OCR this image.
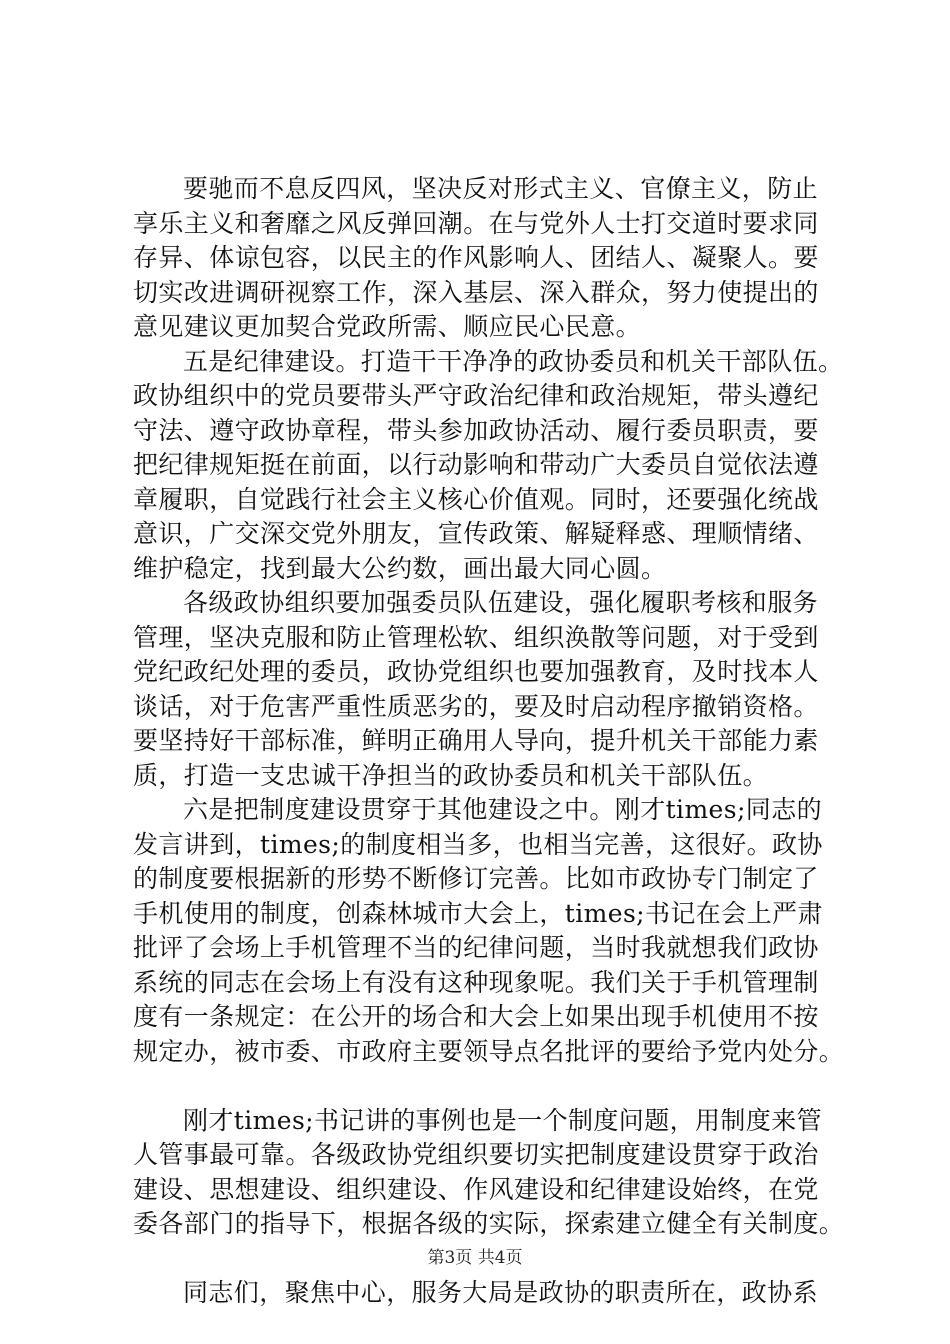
要驰而不息反四风，坚决反对形式主义、官僚主义，防止
享乐主义和奢靡之风反弹回潮。在与党外人士打交道时要求同
存异、体谅包容，以民主的作风影响人、团结人、凝聚人。要
切实改进调研视察工作，深入基层、深入群众，努力使提出的
意见建议更加契合党政所需、顺应民心民意。
五是纪律建设。打造干干净净的政协委员和机关干部队伍。
政协组织中的党员要带头严守政治纪律和政治规矩，带头遵纪
守法、遵守政协章程，带头参加政协活动、履行委员职责，要
把纪律规矩挺在前面，以行动影响和带动广大委员自觉依法遵
章履职，自觉践行社会主义核心价值观。同时，还要强化统战
意识，广交深交党外朋友，宣传政策、解疑释惑、理顺情绪、
维护稳定，找到最大公约数，画出最大同心圆。
各级政协组织要加强委员队伍建设，强化履职考核和服务
管理，坚决克服和防止管理松软、组织涣散等问题，对于受到
党纪政纪处理的委员，政协党组织也要加强教育，及时找本人
谈话，对于危害严重性质恶劣的，要及时启动程序撤销资格。
要坚持好干部标准，鲜明正确用人导向，提升机关干部能力素
质，打造一支忠诚干净担当的政协委员和机关干部队伍。
六是把制度建设贯穿于其他建设之中。刚才times;同志的
发言讲到，times;的制度相当多，也相当完善，这很好。政协
的制度要根据新的形势不断修订完善。比如市政协专门制定了
手机使用的制度，创森林城市大会上，times;书记在会上严肃
批评了会场上手机管理不当的纪律问题，当时我就想我们政协
系统的同志在会场上有没有这种现象呢。我们关于手机管理制
度有一条规定：在公开的场合和大会上如果出现手机使用不按
规定办，被市委、市政府主要领导点名批评的要给予党内处分。
刚才times;书记讲的事例也是一个制度问题，用制度来管
人管事最可靠。各级政协党组织要切实把制度建设贯穿于政治
建设、思想建设、组织建设、作风建设和纪律建设始终，在党
委各部门的指导下，根据各级的实际，探索建立健全有关制度。
同志们，聚焦中心，服务大局是政协的职责所在，政协系
第3页 共4页
